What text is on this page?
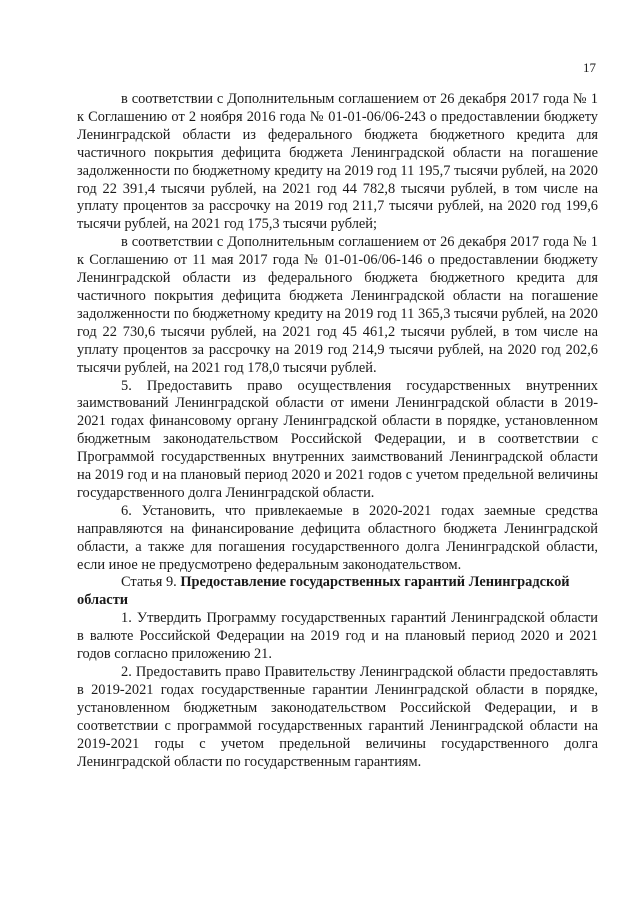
17

в соответствии с Дополнительным соглашением от 26 декабря 2017 года № 1 к Соглашению от 2 ноября 2016 года № 01-01-06/06-243 о предоставлении бюджету Ленинградской области из федерального бюджета бюджетного кредита для частичного покрытия дефицита бюджета Ленинградской области на погашение задолженности по бюджетному кредиту на 2019 год 11 195,7 тысячи рублей, на 2020 год 22 391,4 тысячи рублей, на 2021 год 44 782,8 тысячи рублей, в том числе на уплату процентов за рассрочку на 2019 год 211,7 тысячи рублей, на 2020 год 199,6 тысячи рублей, на 2021 год 175,3 тысячи рублей;

в соответствии с Дополнительным соглашением от 26 декабря 2017 года № 1 к Соглашению от 11 мая 2017 года № 01-01-06/06-146 о предоставлении бюджету Ленинградской области из федерального бюджета бюджетного кредита для частичного покрытия дефицита бюджета Ленинградской области на погашение задолженности по бюджетному кредиту на 2019 год 11 365,3 тысячи рублей, на 2020 год 22 730,6 тысячи рублей, на 2021 год 45 461,2 тысячи рублей, в том числе на уплату процентов за рассрочку на 2019 год 214,9 тысячи рублей, на 2020 год 202,6 тысячи рублей, на 2021 год 178,0 тысячи рублей.

5. Предоставить право осуществления государственных внутренних заимствований Ленинградской области от имени Ленинградской области в 2019-2021 годах финансовому органу Ленинградской области в порядке, установленном бюджетным законодательством Российской Федерации, и в соответствии с Программой государственных внутренних заимствований Ленинградской области на 2019 год и на плановый период 2020 и 2021 годов с учетом предельной величины государственного долга Ленинградской области.

6. Установить, что привлекаемые в 2020-2021 годах заемные средства направляются на финансирование дефицита областного бюджета Ленинградской области, а также для погашения государственного долга Ленинградской области, если иное не предусмотрено федеральным законодательством.

Статья 9. Предоставление государственных гарантий Ленинградской области

1. Утвердить Программу государственных гарантий Ленинградской области в валюте Российской Федерации на 2019 год и на плановый период 2020 и 2021 годов согласно приложению 21.

2. Предоставить право Правительству Ленинградской области предоставлять в 2019-2021 годах государственные гарантии Ленинградской области в порядке, установленном бюджетным законодательством Российской Федерации, и в соответствии с программой государственных гарантий Ленинградской области на 2019-2021 годы с учетом предельной величины государственного долга Ленинградской области по государственным гарантиям.
